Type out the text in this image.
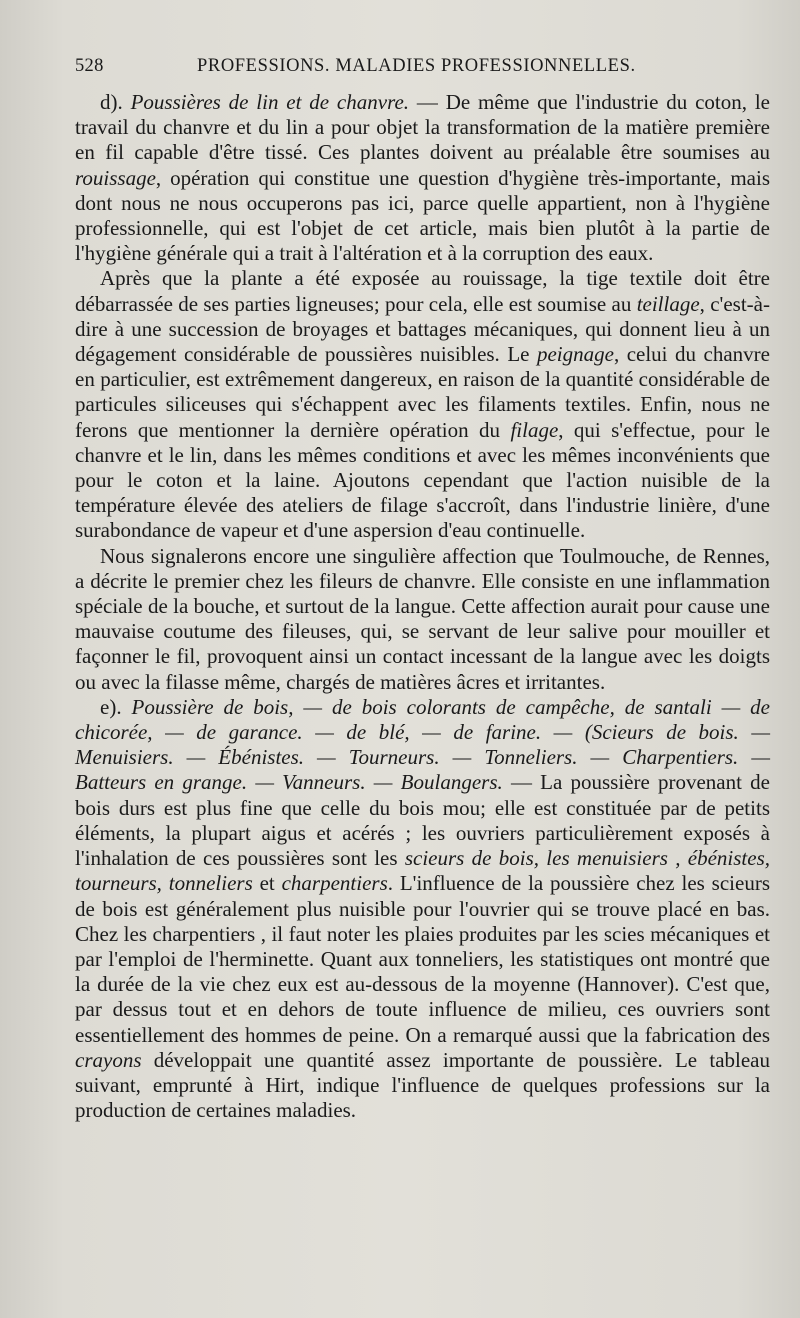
528	PROFESSIONS. MALADIES PROFESSIONNELLES.

d). Poussières de lin et de chanvre. — De même que l'industrie du coton, le travail du chanvre et du lin a pour objet la transformation de la matière première en fil capable d'être tissé. Ces plantes doivent au préalable être soumises au rouissage, opération qui constitue une question d'hygiène très-importante, mais dont nous ne nous occuperons pas ici, parce quelle appartient, non à l'hygiène professionnelle, qui est l'objet de cet article, mais bien plutôt à la partie de l'hygiène générale qui a trait à l'altération et à la corruption des eaux.

Après que la plante a été exposée au rouissage, la tige textile doit être débarrassée de ses parties ligneuses; pour cela, elle est soumise au teillage, c'est-à-dire à une succession de broyages et battages mécaniques, qui donnent lieu à un dégagement considérable de poussières nuisibles. Le peignage, celui du chanvre en particulier, est extrêmement dangereux, en raison de la quantité considérable de particules siliceuses qui s'échappent avec les filaments textiles. Enfin, nous ne ferons que mentionner la dernière opération du filage, qui s'effectue, pour le chanvre et le lin, dans les mêmes conditions et avec les mêmes inconvénients que pour le coton et la laine. Ajoutons cependant que l'action nuisible de la température élevée des ateliers de filage s'accroît, dans l'industrie linière, d'une surabondance de vapeur et d'une aspersion d'eau continuelle.

Nous signalerons encore une singulière affection que Toulmouche, de Rennes, a décrite le premier chez les fileurs de chanvre. Elle consiste en une inflammation spéciale de la bouche, et surtout de la langue. Cette affection aurait pour cause une mauvaise coutume des fileuses, qui, se servant de leur salive pour mouiller et façonner le fil, provoquent ainsi un contact incessant de la langue avec les doigts ou avec la filasse même, chargés de matières âcres et irritantes.

e). Poussière de bois, — de bois colorants de campêche, de santali — de chicorée, — de garance. — de blé, — de farine. — (Scieurs de bois. — Menuisiers. — Ébénistes. — Tourneurs. — Tonneliers. — Charpentiers. — Batteurs en grange. — Vanneurs. — Boulangers. — La poussière provenant de bois durs est plus fine que celle du bois mou; elle est constituée par de petits éléments, la plupart aigus et acérés ; les ouvriers particulièrement exposés à l'inhalation de ces poussières sont les scieurs de bois, les menuisiers , ébénistes, tourneurs, tonneliers et charpentiers. L'influence de la poussière chez les scieurs de bois est généralement plus nuisible pour l'ouvrier qui se trouve placé en bas. Chez les charpentiers , il faut noter les plaies produites par les scies mécaniques et par l'emploi de l'herminette. Quant aux tonneliers, les statistiques ont montré que la durée de la vie chez eux est au-dessous de la moyenne (Hannover). C'est que, par dessus tout et en dehors de toute influence de milieu, ces ouvriers sont essentiellement des hommes de peine. On a remarqué aussi que la fabrication des crayons développait une quantité assez importante de poussière. Le tableau suivant, emprunté à Hirt, indique l'influence de quelques professions sur la production de certaines maladies.
